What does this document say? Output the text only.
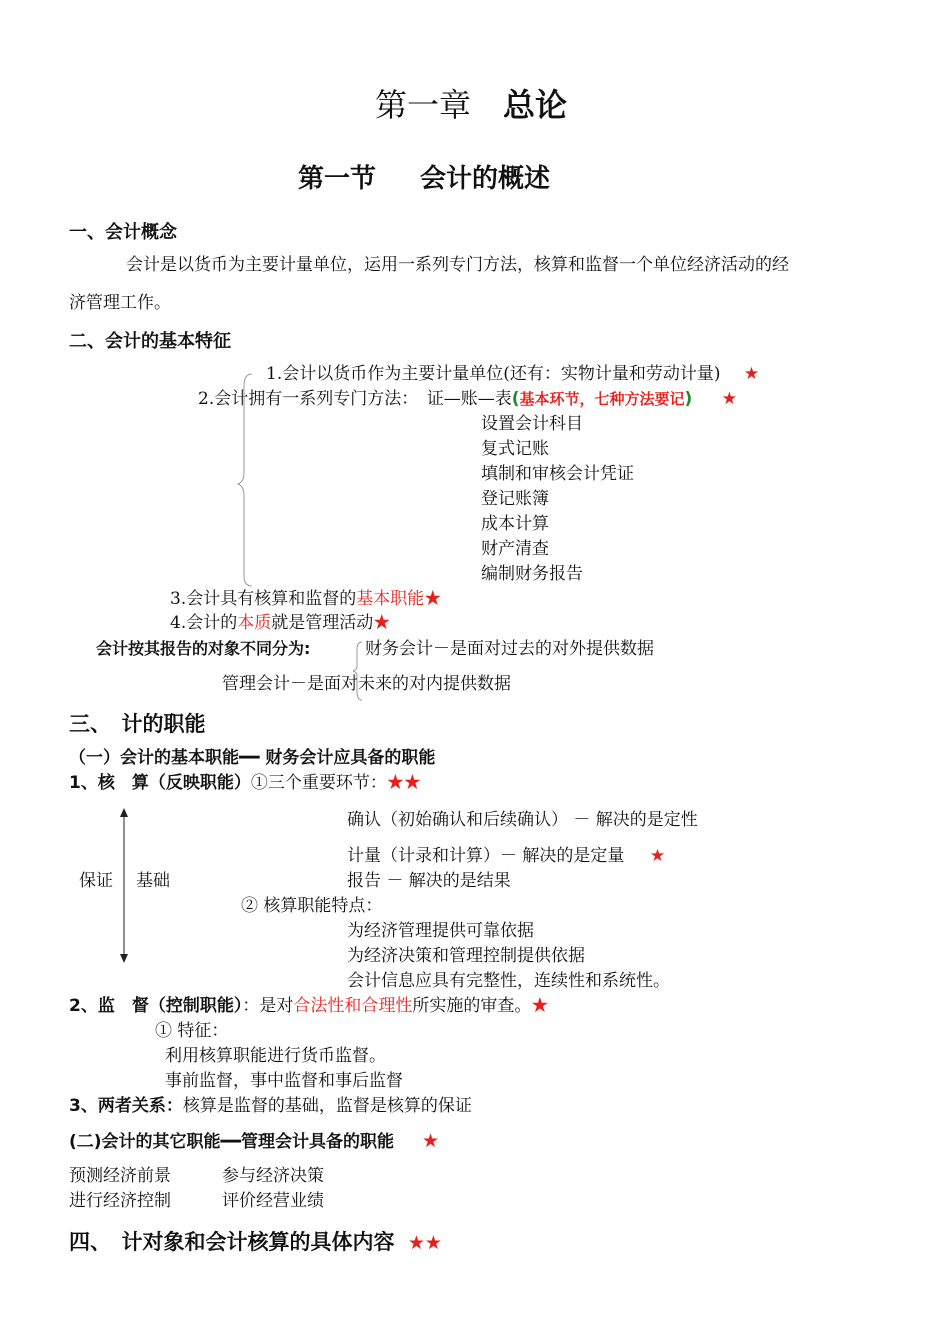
第一章　 总论
第一节 会计的概述
一、会计概念
会计是以货币为主要计量单位，运用一系列专门方法，核算和监督一个单位经济活动的经
济管理工作。
二、会计的基本特征
1.会计以货币作为主要计量单位(还有：实物计量和劳动计量) ★
2.会计拥有一系列专门方法：　证—账—表(基本环节，七种方法要记) ★
设置会计科目
复式记账
填制和审核会计凭证
登记账簿
成本计算
财产清查
编制财务报告
3.会计具有核算和监督的基本职能★
4.会计的本质就是管理活动★
会计按其报告的对象不同分为:	财务会计－是面对过去的对外提供数据
管理会计－是面对未来的对内提供数据
三、　计的职能
（一）会计的基本职能━━ 财务会计应具备的职能
1、核　算（反映职能）①三个重要环节：★★
确认（初始确认和后续确认） － 解决的是定性
计量（计录和计算）－ 解决的是定量 ★
报告 － 解决的是结果
保证 基础
② 核算职能特点：
为经济管理提供可靠依据
为经济决策和管理控制提供依据
会计信息应具有完整性，连续性和系统性。
2、监　督（控制职能）：是对合法性和合理性所实施的审查。★
① 特征：
利用核算职能进行货币监督。
事前监督，事中监督和事后监督
3、两者关系：核算是监督的基础，监督是核算的保证
(二)会计的其它职能━━管理会计具备的职能 ★
预测经济前景	参与经济决策
进行经济控制	评价经营业绩
四、　计对象和会计核算的具体内容 ★★
